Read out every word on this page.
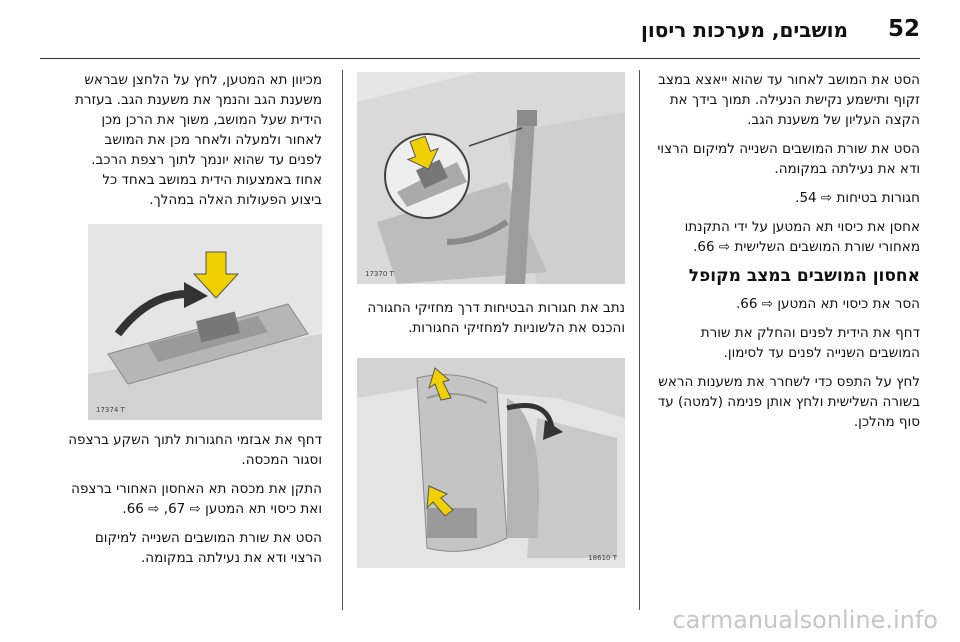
52
מושבים, מערכות ריסון

הסט את המושב לאחור עד שהוא ייאצא במצב זקוף ותישמע נקישת הנעילה. תמוך בידך את הקצה העליון של משענת הגב.

הסט את שורת המושבים השנייה למיקום הרצוי ודא את נעילתה במקומה.

חגורות בטיחות ⇨ 54.

אחסן את כיסוי תא המטען על ידי התקנתו מאחורי שורת המושבים השלישית ⇨ 66.

אחסון המושבים במצב מקופל

הסר את כיסוי תא המטען ⇨ 66.

דחף את הידית לפנים והחלק את שורת המושבים השנייה לפנים עד לסימון.

לחץ על התפס כדי לשחרר את משענות הראש בשורה השלישית ולחץ אותן פנימה (למטה) עד סוף מהלכן.

17370 T

נתב את חגורות הבטיחות דרך מחזיקי החגורה והכנס את הלשוניות למחזיקי החגורות.

18610 T

מכיוון תא המטען, לחץ על הלחצן שבראש משענת הגב והנמך את משענת הגב. בעזרת הידית שעל המושב, משוך את הרכן מכן לאחור ולמעלה ולאחר מכן את המושב לפנים עד שהוא יונמך לתוך רצפת הרכב. אחוז באמצעות הידית במושב באחד כל ביצוע הפעולות האלה במהלך.

17374 T

דחף את אבזמי החגורות לתוך השקע ברצפה וסגור המכסה.

התקן את מכסה תא האחסון האחורי ברצפה ואת כיסוי תא המטען ⇨ 67, ⇨ 66.

הסט את שורת המושבים השנייה למיקום הרצוי ודא את נעילתה במקומה.

carmanualsonline.info
